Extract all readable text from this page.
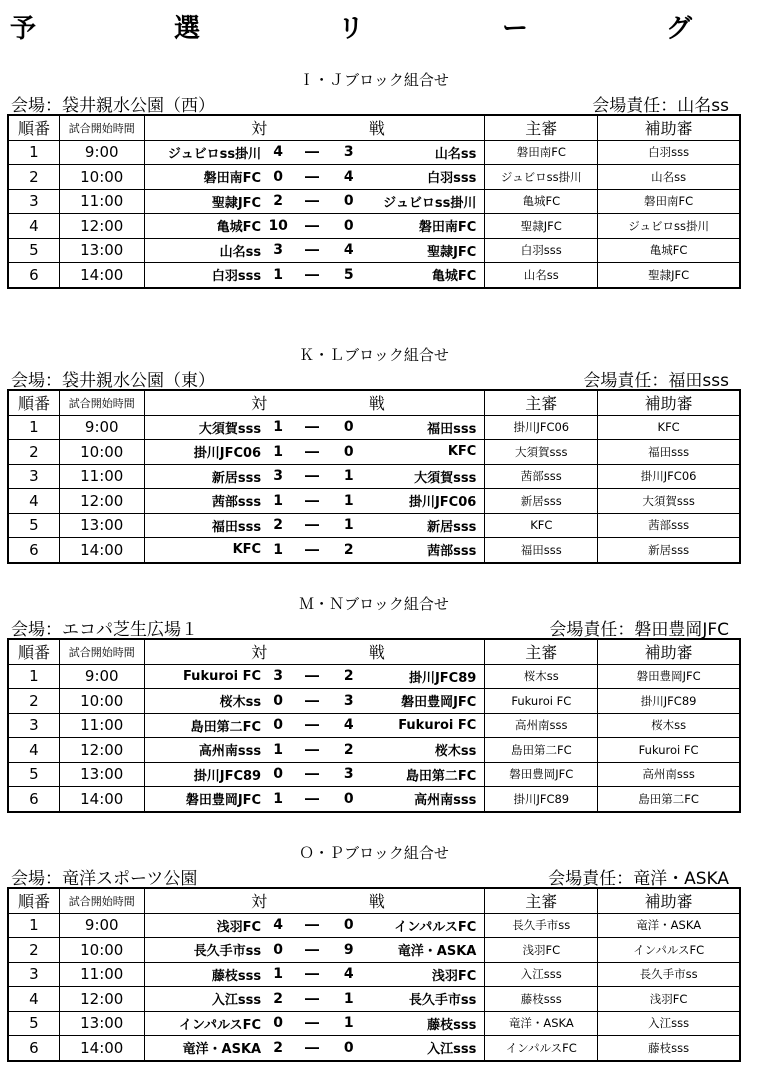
予　選　リ　ー　グ
Ｉ・Ｊブロック組合せ
会場：袋井親水公園（西）	会場責任：山名ss
順番	試合開始時間	対				戦	主審	補助審
1	9:00	ジュビロss掛川	4	―	3	山名ss	磐田南FC	白羽sss
2	10:00	磐田南FC	0	―	4	白羽sss	ジュビロss掛川	山名ss
3	11:00	聖隷JFC	2	―	0	ジュビロss掛川	亀城FC	磐田南FC
4	12:00	亀城FC	10	―	0	磐田南FC	聖隷JFC	ジュビロss掛川
5	13:00	山名ss	3	―	4	聖隷JFC	白羽sss	亀城FC
6	14:00	白羽sss	1	―	5	亀城FC	山名ss	聖隷JFC
Ｋ・Ｌブロック組合せ
会場：袋井親水公園（東）	会場責任：福田sss
順番	試合開始時間	対				戦	主審	補助審
1	9:00	大須賀sss	1	―	0	福田sss	掛川JFC06	KFC
2	10:00	掛川JFC06	1	―	0	KFC	大須賀sss	福田sss
3	11:00	新居sss	3	―	1	大須賀sss	茜部sss	掛川JFC06
4	12:00	茜部sss	1	―	1	掛川JFC06	新居sss	大須賀sss
5	13:00	福田sss	2	―	1	新居sss	KFC	茜部sss
6	14:00	KFC	1	―	2	茜部sss	福田sss	新居sss
Ｍ・Ｎブロック組合せ
会場：エコパ芝生広場１	会場責任：磐田豊岡JFC
順番	試合開始時間	対				戦	主審	補助審
1	9:00	Fukuroi FC	3	―	2	掛川JFC89	桜木ss	磐田豊岡JFC
2	10:00	桜木ss	0	―	3	磐田豊岡JFC	Fukuroi FC	掛川JFC89
3	11:00	島田第二FC	0	―	4	Fukuroi FC	高州南sss	桜木ss
4	12:00	高州南sss	1	―	2	桜木ss	島田第二FC	Fukuroi FC
5	13:00	掛川JFC89	0	―	3	島田第二FC	磐田豊岡JFC	高州南sss
6	14:00	磐田豊岡JFC	1	―	0	高州南sss	掛川JFC89	島田第二FC
Ｏ・Ｐブロック組合せ
会場：竜洋スポーツ公園	会場責任：竜洋・ASKA
順番	試合開始時間	対				戦	主審	補助審
1	9:00	浅羽FC	4	―	0	インパルスFC	長久手市ss	竜洋・ASKA
2	10:00	長久手市ss	0	―	9	竜洋・ASKA	浅羽FC	インパルスFC
3	11:00	藤枝sss	1	―	4	浅羽FC	入江sss	長久手市ss
4	12:00	入江sss	2	―	1	長久手市ss	藤枝sss	浅羽FC
5	13:00	インパルスFC	0	―	1	藤枝sss	竜洋・ASKA	入江sss
6	14:00	竜洋・ASKA	2	―	0	入江sss	インパルスFC	藤枝sss
